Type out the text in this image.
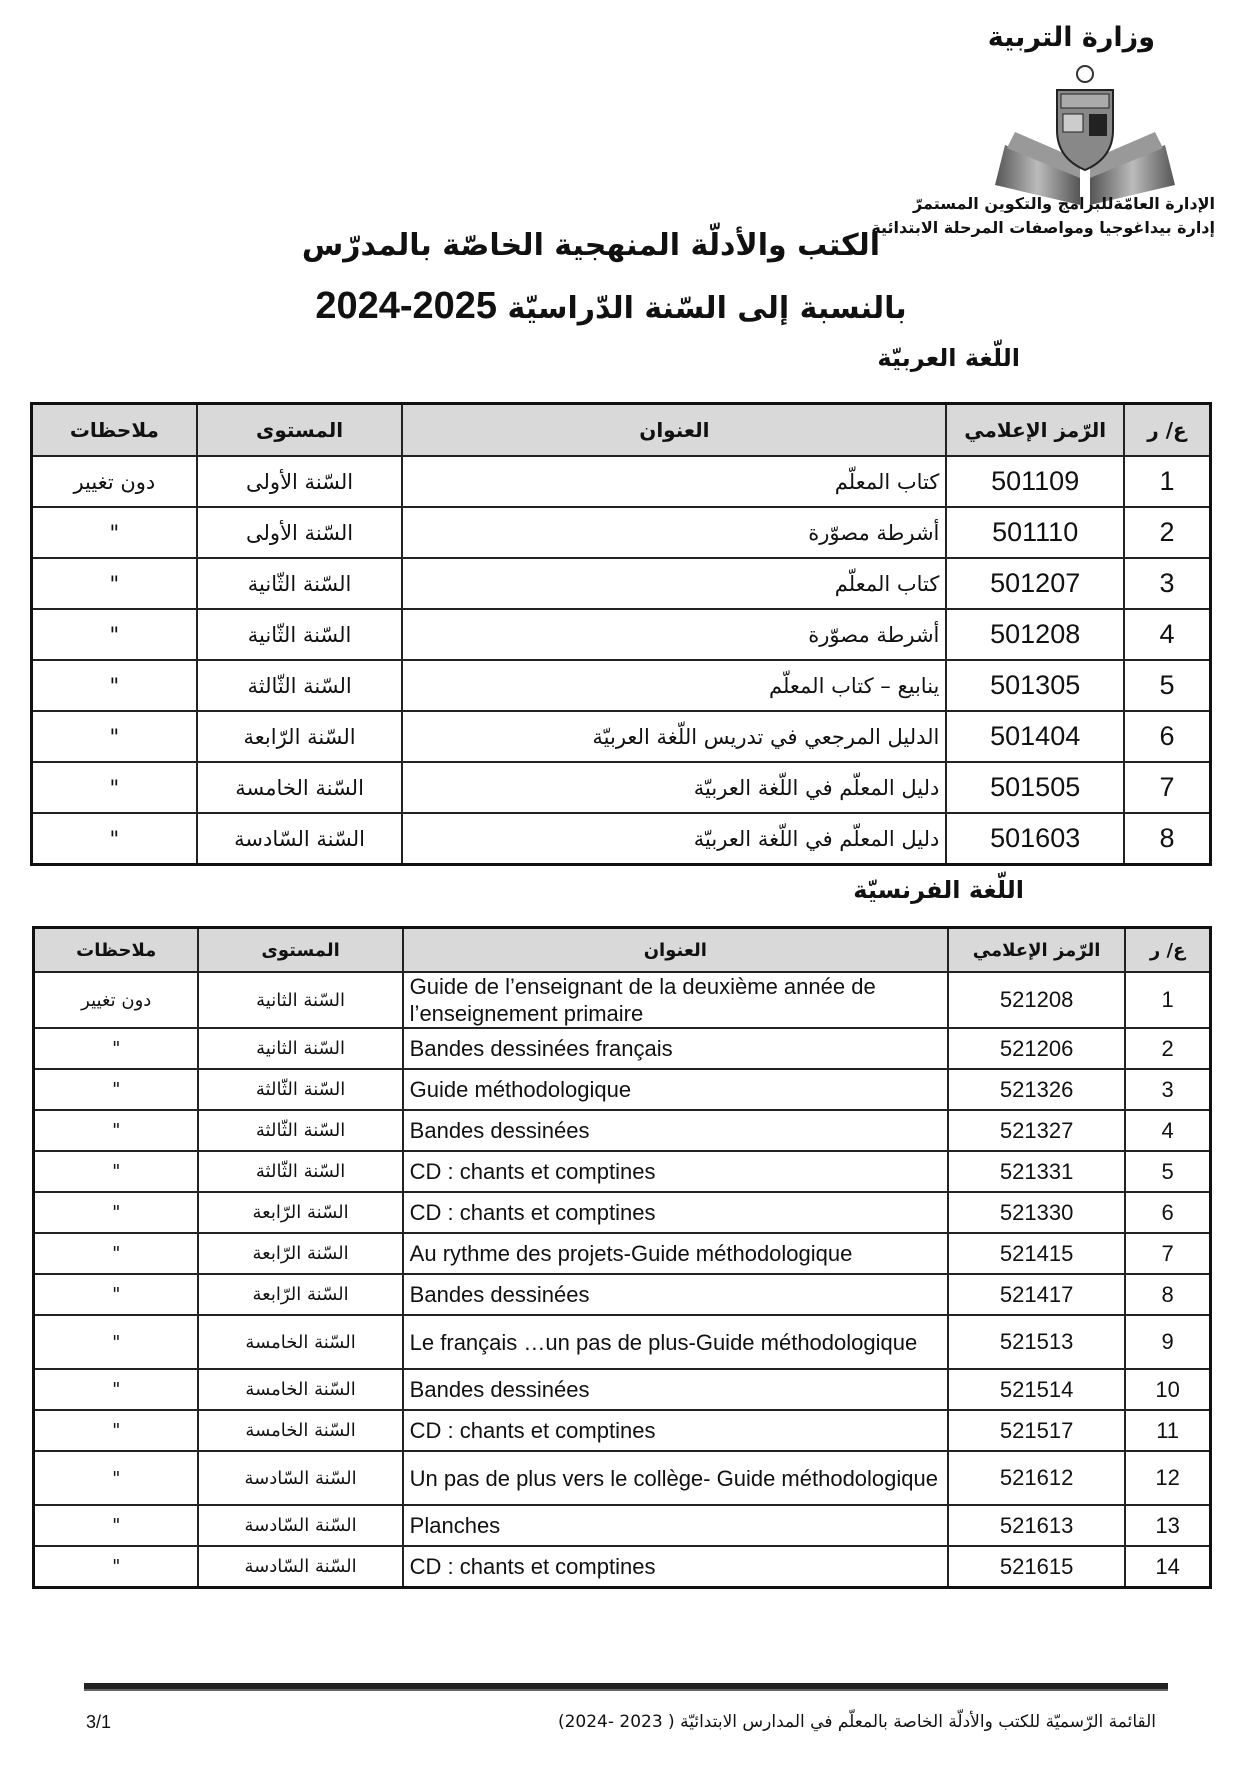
وزارة التربية
الإدارة العامّةللبرامج والتكوين المستمرّ
إدارة بيداغوجيا ومواصفات المرحلة الابتدائية
الكتب والأدلّة المنهجية الخاصّة بالمدرّس
بالنسبة إلى السّنة الدّراسيّة 2024-2025
اللّغة العربيّة
ع/ ر	الرّمز الإعلامي	العنوان	المستوى	ملاحظات
1	501109	كتاب المعلّم	السّنة الأولى	دون تغيير
2	501110	أشرطة مصوّرة	السّنة الأولى	"
3	501207	كتاب المعلّم	السّنة الثّانية	"
4	501208	أشرطة مصوّرة	السّنة الثّانية	"
5	501305	ينابيع – كتاب المعلّم	السّنة الثّالثة	"
6	501404	الدليل المرجعي في تدريس اللّغة العربيّة	السّنة الرّابعة	"
7	501505	دليل المعلّم في اللّغة العربيّة	السّنة الخامسة	"
8	501603	دليل المعلّم في اللّغة العربيّة	السّنة السّادسة	"
اللّغة الفرنسيّة
ع/ ر	الرّمز الإعلامي	العنوان	المستوى	ملاحظات
1	521208	Guide de l’enseignant de la deuxième année de l’enseignement primaire	السّنة الثانية	دون تغيير
2	521206	Bandes dessinées français	السّنة الثانية	"
3	521326	Guide méthodologique	السّنة الثّالثة	"
4	521327	Bandes dessinées	السّنة الثّالثة	"
5	521331	CD : chants et comptines	السّنة الثّالثة	"
6	521330	CD : chants et comptines	السّنة الرّابعة	"
7	521415	Au rythme des projets-Guide méthodologique	السّنة الرّابعة	"
8	521417	Bandes dessinées	السّنة الرّابعة	"
9	521513	Le français …un pas de plus-Guide méthodologique	السّنة الخامسة	"
10	521514	Bandes dessinées	السّنة الخامسة	"
11	521517	CD : chants et comptines	السّنة الخامسة	"
12	521612	Un pas de plus vers le collège- Guide méthodologique	السّنة السّادسة	"
13	521613	Planches	السّنة السّادسة	"
14	521615	CD : chants et comptines	السّنة السّادسة	"
القائمة الرّسميّة للكتب والأدلّة الخاصة بالمعلّم في المدارس الابتدائيّة ( 2023 -2024)
3/1
